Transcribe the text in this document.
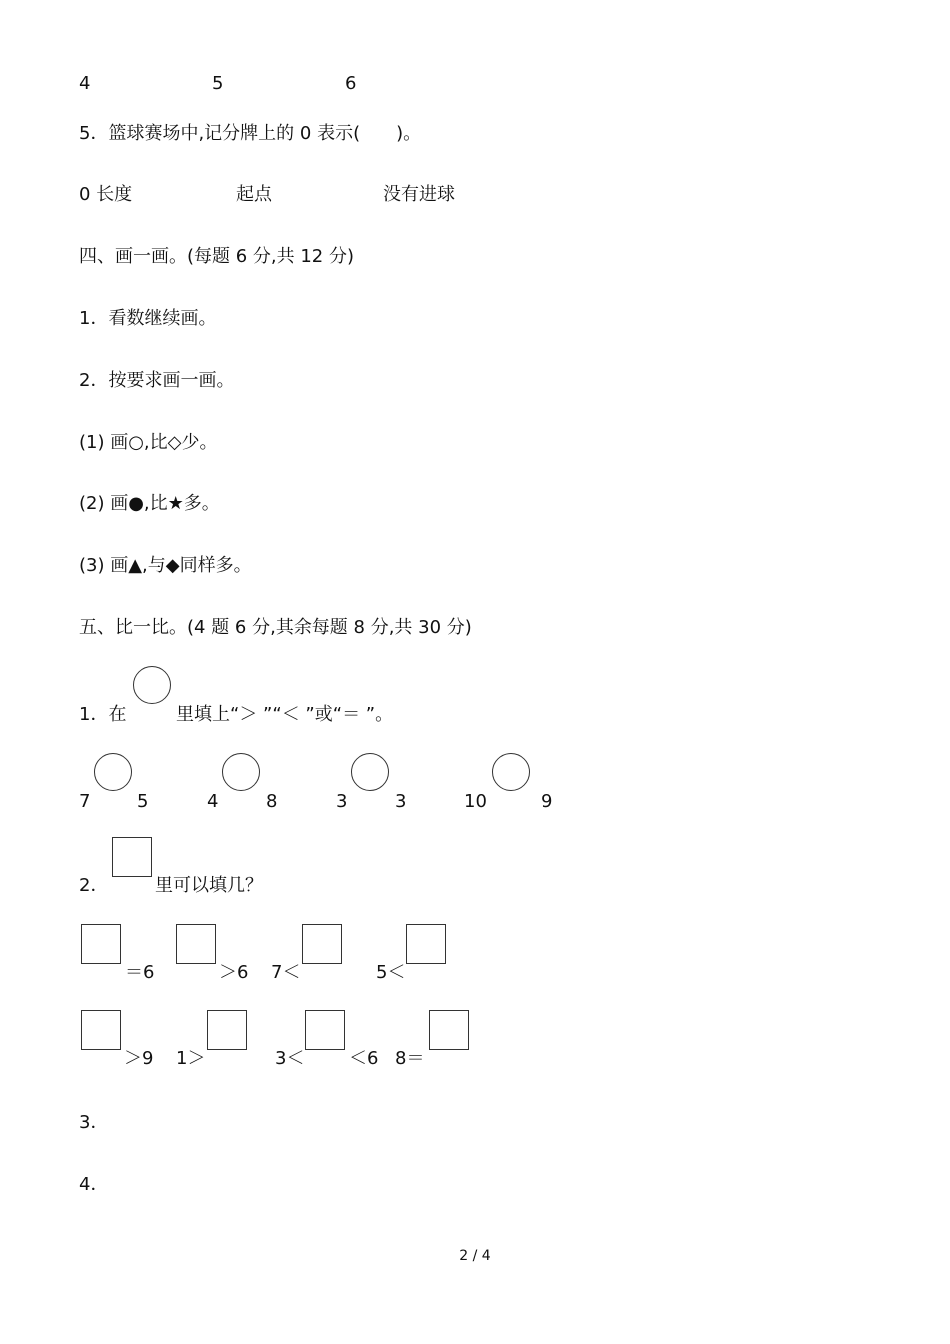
4	5	6
5．篮球赛场中,记分牌上的 0 表示(　　)。
0 长度	起点	没有进球
四、画一画。(每题 6 分,共 12 分)
1．看数继续画。
2．按要求画一画。
(1) 画○,比◇少。
(2) 画●,比★多。
(3) 画▲,与◆同样多。
五、比一比。(4 题 6 分,其余每题 8 分,共 30 分)
1．在	里填上“＞ ”“＜ ”或“＝ ”。
7	5	4	8	3	3	10	9
2．	里可以填几？
＝6	＞6 7＜	5＜
＞9 1＞	3＜ ＜6 8＝
3．
4．
2 / 4
